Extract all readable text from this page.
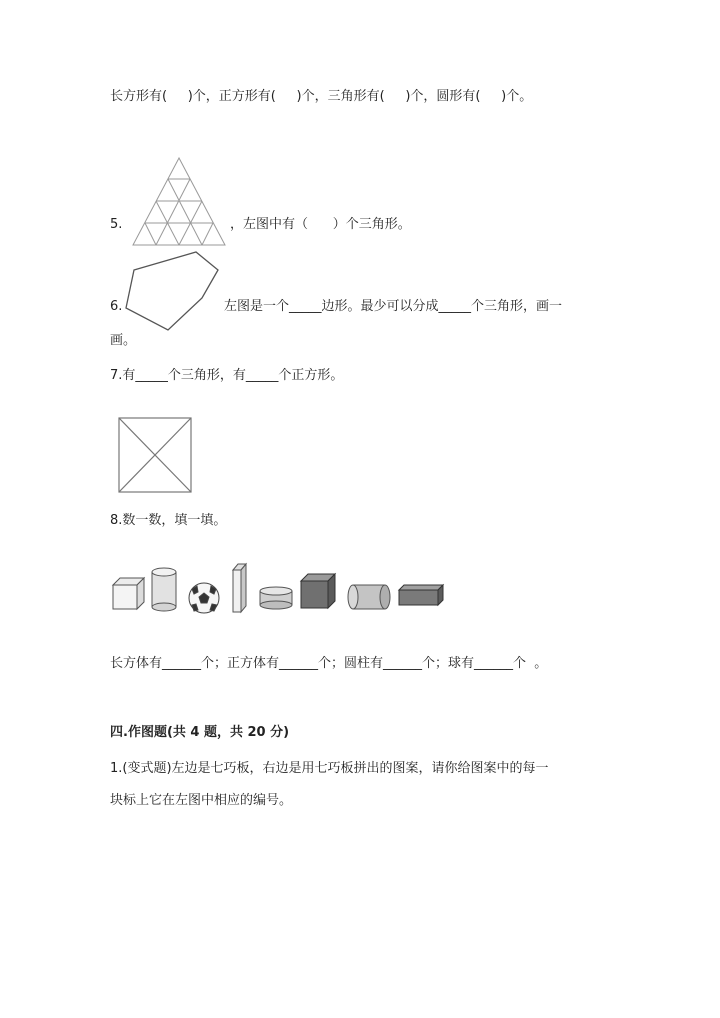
长方形有(     )个，正方形有(     )个，三角形有(     )个，圆形有(     )个。
5.	，左图中有（      ）个三角形。
6.	左图是一个_____边形。最少可以分成_____个三角形，画一
画。
7.有_____个三角形，有_____个正方形。
8.数一数，填一填。
长方体有______个；正方体有______个；圆柱有______个；球有______个  。
四.作图题(共 4 题，共 20 分)
1.(变式题)左边是七巧板，右边是用七巧板拼出的图案，请你给图案中的每一
块标上它在左图中相应的编号。
